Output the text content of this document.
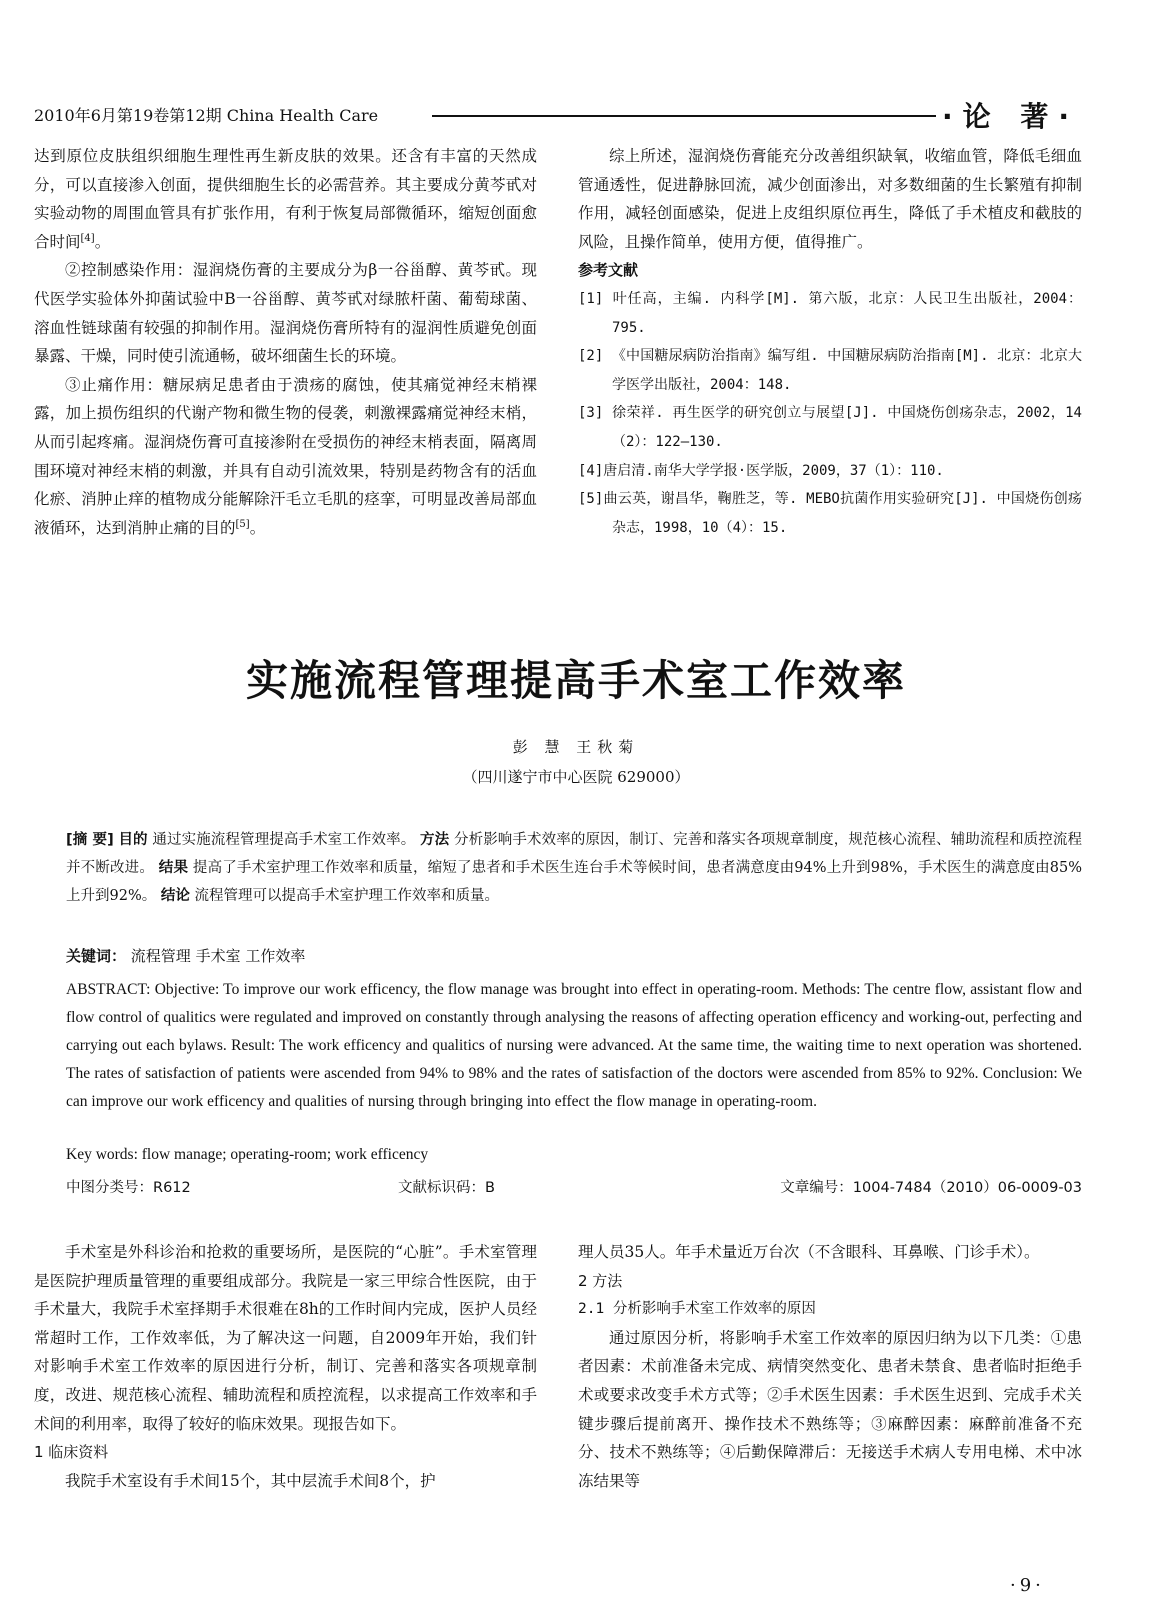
2010年6月第19卷第12期 China Health Care	·论 著·

达到原位皮肤组织细胞生理性再生新皮肤的效果。还含有丰富的天然成分，可以直接渗入创面，提供细胞生长的必需营养。其主要成分黄芩甙对实验动物的周围血管具有扩张作用，有利于恢复局部微循环，缩短创面愈合时间[4]。

②控制感染作用：湿润烧伤膏的主要成分为β一谷甾醇、黄芩甙。现代医学实验体外抑菌试验中B一谷甾醇、黄芩甙对绿脓杆菌、葡萄球菌、溶血性链球菌有较强的抑制作用。湿润烧伤膏所特有的湿润性质避免创面暴露、干燥，同时使引流通畅，破坏细菌生长的环境。

③止痛作用：糖尿病足患者由于溃疡的腐蚀，使其痛觉神经末梢裸露，加上损伤组织的代谢产物和微生物的侵袭，刺激裸露痛觉神经末梢，从而引起疼痛。湿润烧伤膏可直接渗附在受损伤的神经末梢表面，隔离周围环境对神经末梢的刺激，并具有自动引流效果，特别是药物含有的活血化瘀、消肿止痒的植物成分能解除汗毛立毛肌的痉挛，可明显改善局部血液循环，达到消肿止痛的目的[5]。

综上所述，湿润烧伤膏能充分改善组织缺氧，收缩血管，降低毛细血管通透性，促进静脉回流，减少创面渗出，对多数细菌的生长繁殖有抑制作用，减轻创面感染，促进上皮组织原位再生，降低了手术植皮和截肢的风险，且操作简单，使用方便，值得推广。

参考文献

[1] 叶任高，主编. 内科学[M]. 第六版，北京：人民卫生出版社，2004：795.

[2] 《中国糖尿病防治指南》编写组. 中国糖尿病防治指南[M]. 北京：北京大学医学出版社，2004：148.

[3] 徐荣祥. 再生医学的研究创立与展望[J]. 中国烧伤创疡杂志，2002，14（2）：122—130.

[4]唐启清.南华大学学报·医学版，2009，37（1）：110.

[5]曲云英，谢昌华，鞠胜芝，等. MEBO抗菌作用实验研究[J]. 中国烧伤创疡杂志，1998，10（4）：15.

实施流程管理提高手术室工作效率
彭 慧 王秋菊
（四川遂宁市中心医院 629000）
[摘 要] 目的 通过实施流程管理提高手术室工作效率。 方法 分析影响手术效率的原因，制订、完善和落实各项规章制度，规范核心流程、辅助流程和质控流程并不断改进。 结果 提高了手术室护理工作效率和质量，缩短了患者和手术医生连台手术等候时间，患者满意度由94%上升到98%，手术医生的满意度由85%上升到92%。 结论 流程管理可以提高手术室护理工作效率和质量。
关键词： 流程管理 手术室 工作效率
ABSTRACT: Objective: To improve our work efficency, the flow manage was brought into effect in operating-room. Methods: The centre flow, assistant flow and flow control of qualitics were regulated and improved on constantly through analysing the reasons of affecting operation efficency and working-out, perfecting and carrying out each bylaws. Result: The work efficency and qualitics of nursing were advanced. At the same time, the waiting time to next operation was shortened. The rates of satisfaction of patients were ascended from 94% to 98% and the rates of satisfaction of the doctors were ascended from 85% to 92%. Conclusion: We can improve our work efficency and qualities of nursing through bringing into effect the flow manage in operating-room.
Key words: flow manage; operating-room; work efficency
中图分类号：R612	文献标识码：B	文章编号：1004-7484（2010）06-0009-03

手术室是外科诊治和抢救的重要场所，是医院的“心脏”。手术室管理是医院护理质量管理的重要组成部分。我院是一家三甲综合性医院，由于手术量大，我院手术室择期手术很难在8h的工作时间内完成，医护人员经常超时工作，工作效率低，为了解决这一问题，自2009年开始，我们针对影响手术室工作效率的原因进行分析，制订、完善和落实各项规章制度，改进、规范核心流程、辅助流程和质控流程，以求提高工作效率和手术间的利用率，取得了较好的临床效果。现报告如下。

1 临床资料

我院手术室设有手术间15个，其中层流手术间8个，护

理人员35人。年手术量近万台次（不含眼科、耳鼻喉、门诊手术）。

2 方法

2.1 分析影响手术室工作效率的原因

通过原因分析，将影响手术室工作效率的原因归纳为以下几类：①患者因素：术前准备未完成、病情突然变化、患者未禁食、患者临时拒绝手术或要求改变手术方式等；②手术医生因素：手术医生迟到、完成手术关键步骤后提前离开、操作技术不熟练等；③麻醉因素：麻醉前准备不充分、技术不熟练等；④后勤保障滞后：无接送手术病人专用电梯、术中冰冻结果等

·9·
